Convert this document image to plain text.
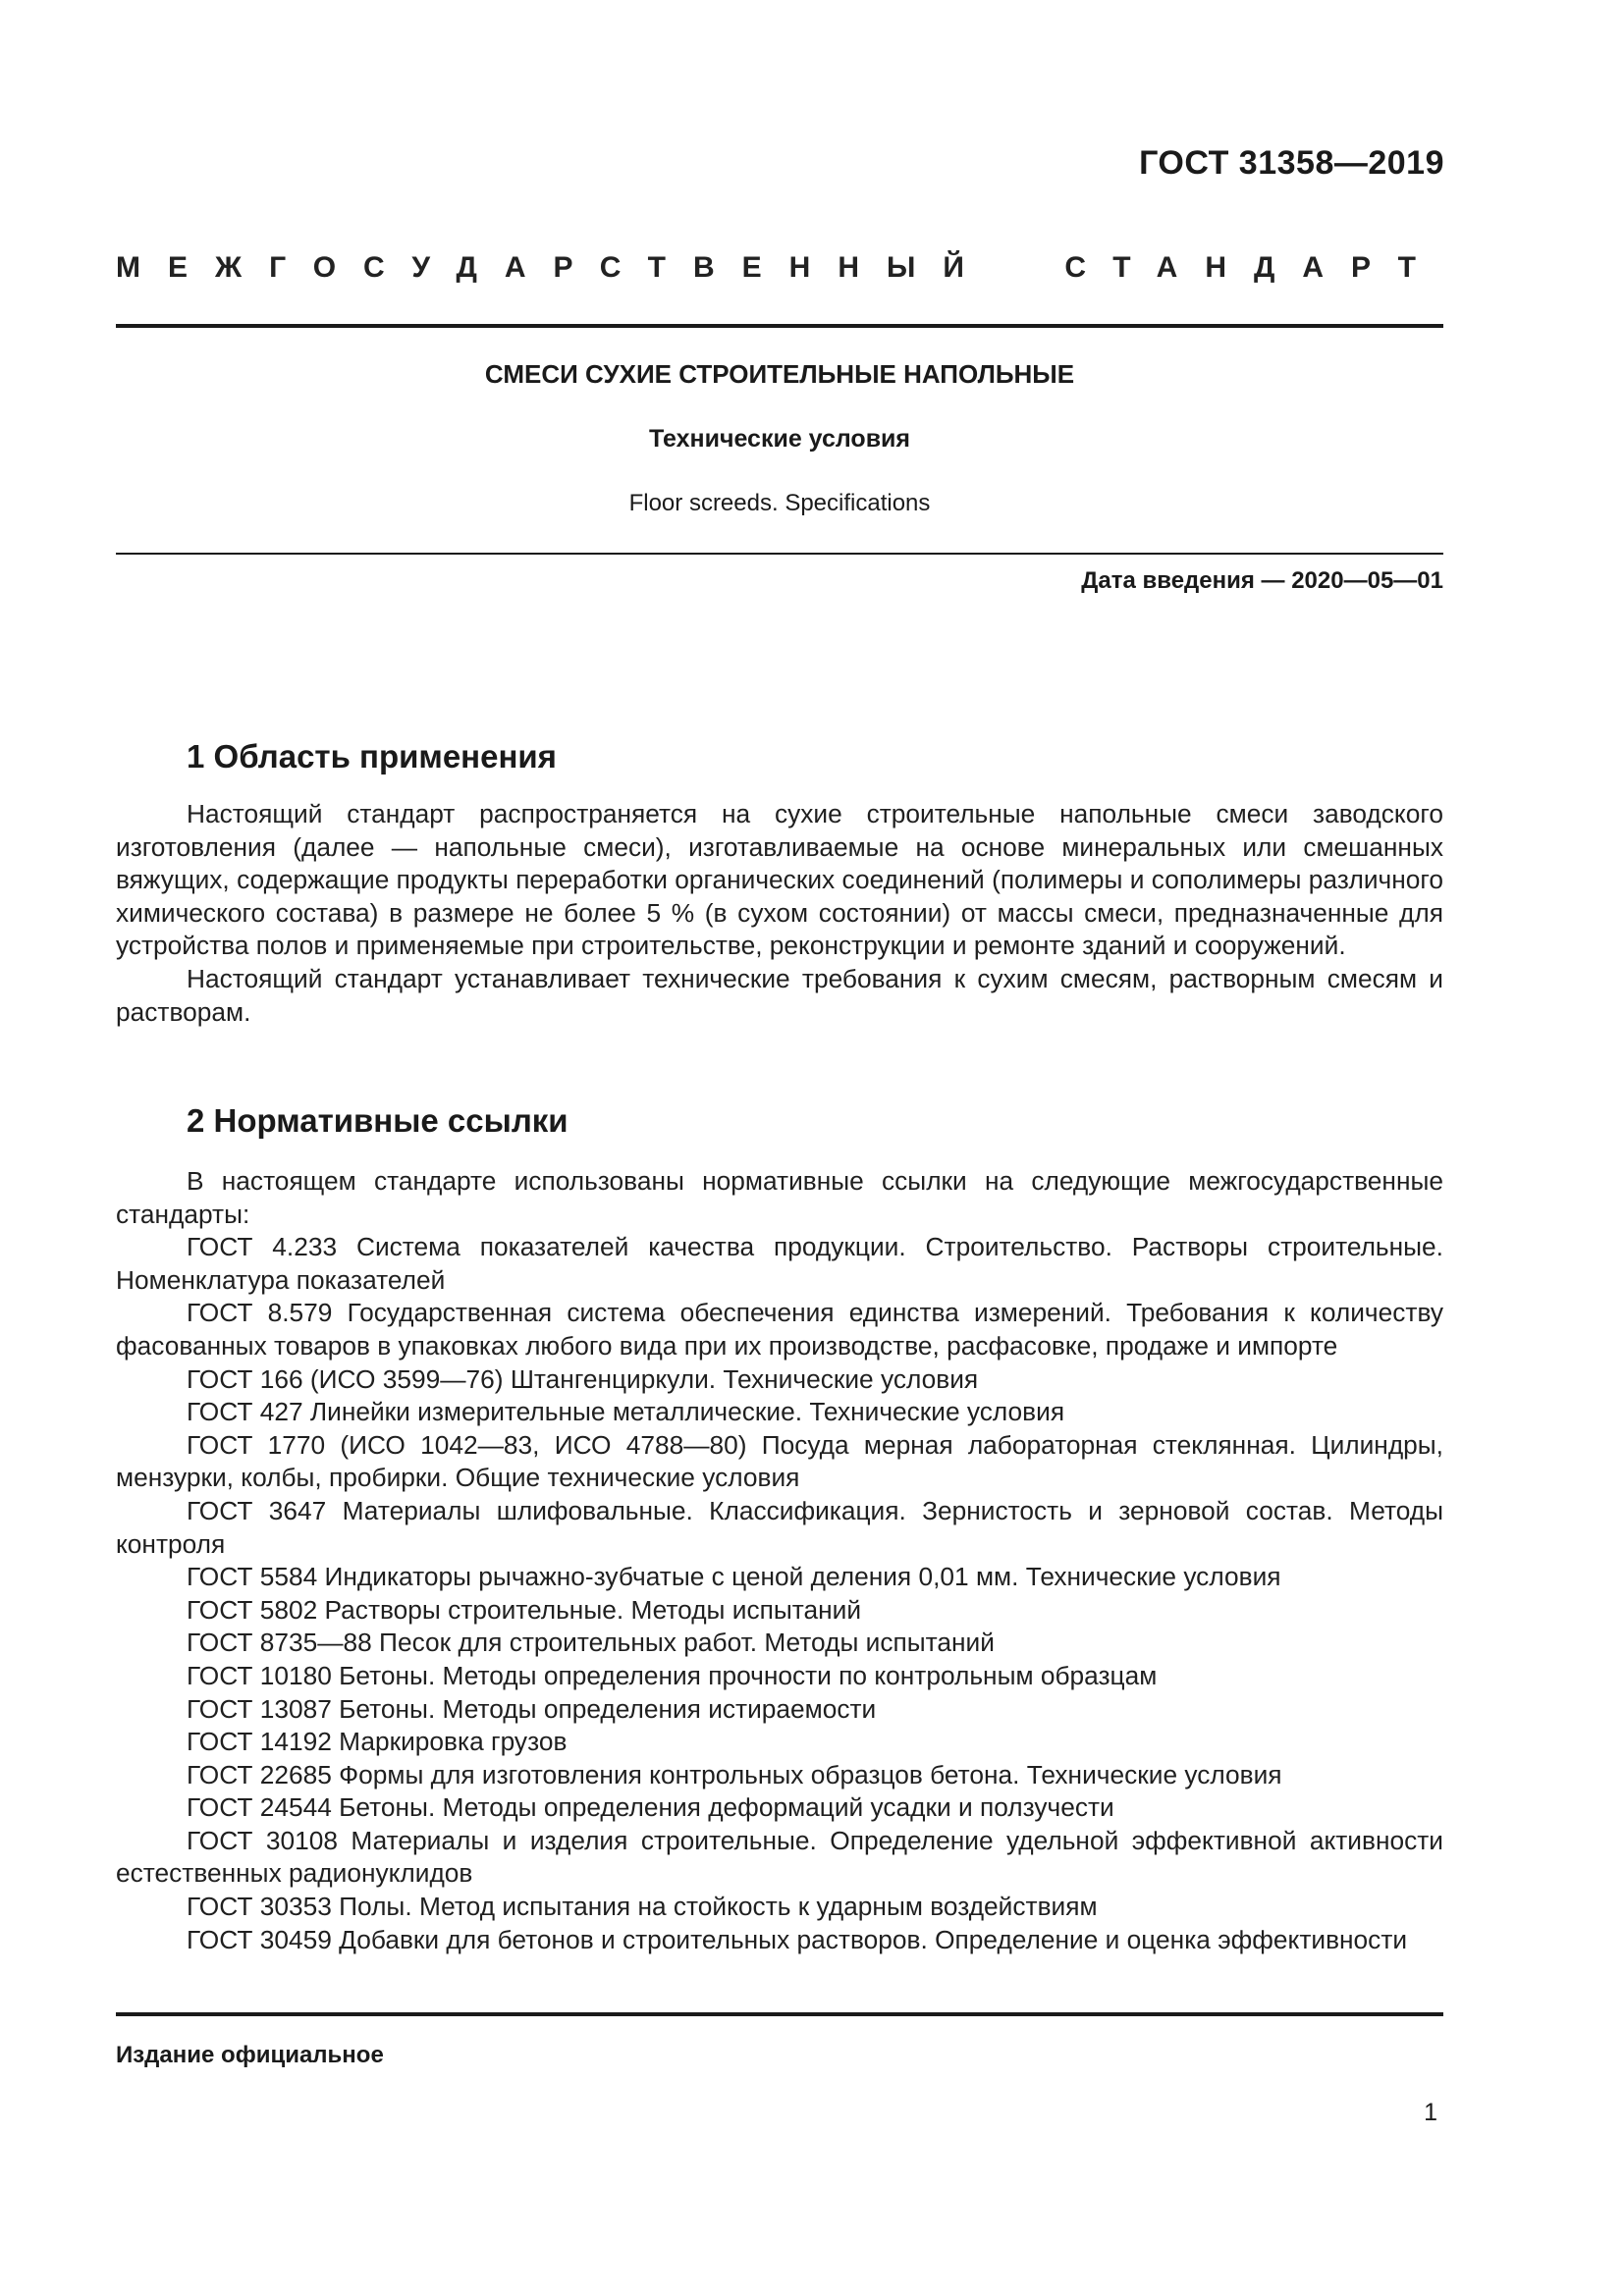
ГОСТ 31358—2019
МЕЖГОСУДАРСТВЕННЫЙ СТАНДАРТ
СМЕСИ СУХИЕ СТРОИТЕЛЬНЫЕ НАПОЛЬНЫЕ
Технические условия
Floor screeds. Specifications
Дата введения — 2020—05—01
1 Область применения

Настоящий стандарт распространяется на сухие строительные напольные смеси заводского изготовления (далее — напольные смеси), изготавливаемые на основе минеральных или смешанных вяжущих, содержащие продукты переработки органических соединений (полимеры и сополимеры различного химического состава) в размере не более 5 % (в сухом состоянии) от массы смеси, предназначенные для устройства полов и применяемые при строительстве, реконструкции и ремонте зданий и сооружений.

Настоящий стандарт устанавливает технические требования к сухим смесям, растворным смесям и растворам.

2 Нормативные ссылки

В настоящем стандарте использованы нормативные ссылки на следующие межгосударственные стандарты:

ГОСТ 4.233 Система показателей качества продукции. Строительство. Растворы строительные. Номенклатура показателей

ГОСТ 8.579 Государственная система обеспечения единства измерений. Требования к количеству фасованных товаров в упаковках любого вида при их производстве, расфасовке, продаже и импорте

ГОСТ 166 (ИСО 3599—76) Штангенциркули. Технические условия

ГОСТ 427 Линейки измерительные металлические. Технические условия

ГОСТ 1770 (ИСО 1042—83, ИСО 4788—80) Посуда мерная лабораторная стеклянная. Цилиндры, мензурки, колбы, пробирки. Общие технические условия

ГОСТ 3647 Материалы шлифовальные. Классификация. Зернистость и зерновой состав. Методы контроля

ГОСТ 5584 Индикаторы рычажно-зубчатые с ценой деления 0,01 мм. Технические условия

ГОСТ 5802 Растворы строительные. Методы испытаний

ГОСТ 8735—88 Песок для строительных работ. Методы испытаний

ГОСТ 10180 Бетоны. Методы определения прочности по контрольным образцам

ГОСТ 13087 Бетоны. Методы определения истираемости

ГОСТ 14192 Маркировка грузов

ГОСТ 22685 Формы для изготовления контрольных образцов бетона. Технические условия

ГОСТ 24544 Бетоны. Методы определения деформаций усадки и ползучести

ГОСТ 30108 Материалы и изделия строительные. Определение удельной эффективной активности естественных радионуклидов

ГОСТ 30353 Полы. Метод испытания на стойкость к ударным воздействиям

ГОСТ 30459 Добавки для бетонов и строительных растворов. Определение и оценка эффективности

Издание официальное
1
